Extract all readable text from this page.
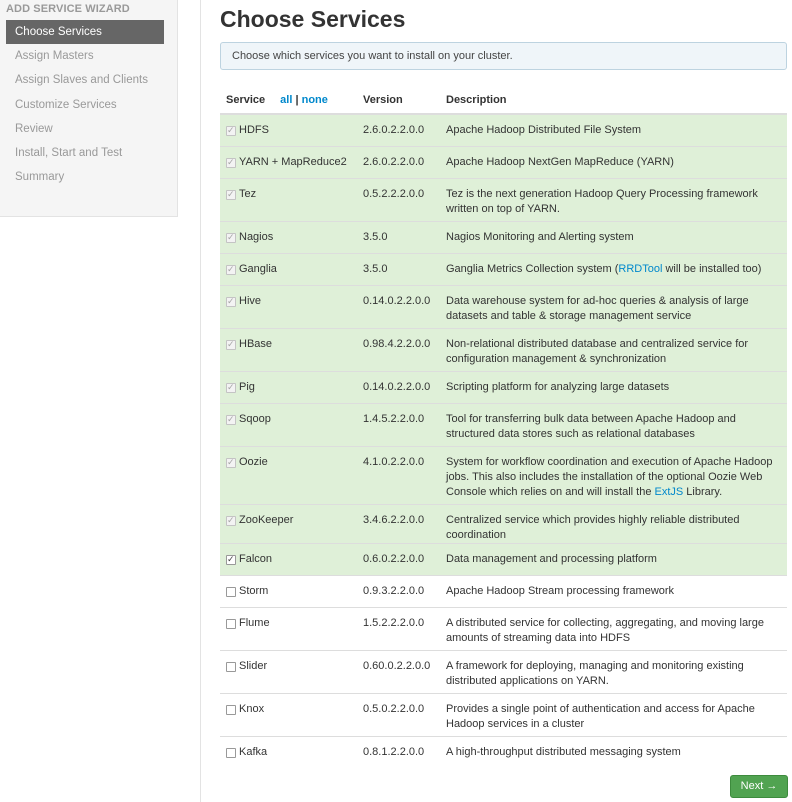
ADD SERVICE WIZARD
Choose Services
Assign Masters
Assign Slaves and Clients
Customize Services
Review
Install, Start and Test
Summary
Choose Services
Choose which services you want to install on your cluster.
Service all | none	Version	Description

✓ HDFS	2.6.0.2.2.0.0	Apache Hadoop Distributed File System

✓ YARN + MapReduce2	2.6.0.2.2.0.0	Apache Hadoop NextGen MapReduce (YARN)

✓ Tez	0.5.2.2.2.0.0	Tez is the next generation Hadoop Query Processing framework written on top of YARN.

✓ Nagios	3.5.0	Nagios Monitoring and Alerting system

✓ Ganglia	3.5.0	Ganglia Metrics Collection system (RRDTool will be installed too)

✓ Hive	0.14.0.2.2.0.0	Data warehouse system for ad-hoc queries & analysis of large datasets and table & storage management service

✓ HBase	0.98.4.2.2.0.0	Non-relational distributed database and centralized service for configuration management & synchronization

✓ Pig	0.14.0.2.2.0.0	Scripting platform for analyzing large datasets

✓ Sqoop	1.4.5.2.2.0.0	Tool for transferring bulk data between Apache Hadoop and structured data stores such as relational databases

✓ Oozie	4.1.0.2.2.0.0	System for workflow coordination and execution of Apache Hadoop jobs. This also includes the installation of the optional Oozie Web Console which relies on and will install the ExtJS Library.

✓ ZooKeeper	3.4.6.2.2.0.0	Centralized service which provides highly reliable distributed coordination

✓ Falcon	0.6.0.2.2.0.0	Data management and processing platform

Storm	0.9.3.2.2.0.0	Apache Hadoop Stream processing framework

Flume	1.5.2.2.2.0.0	A distributed service for collecting, aggregating, and moving large amounts of streaming data into HDFS

Slider	0.60.0.2.2.0.0	A framework for deploying, managing and monitoring existing distributed applications on YARN.

Knox	0.5.0.2.2.0.0	Provides a single point of authentication and access for Apache Hadoop services in a cluster

Kafka	0.8.1.2.2.0.0	A high-throughput distributed messaging system
Next →
